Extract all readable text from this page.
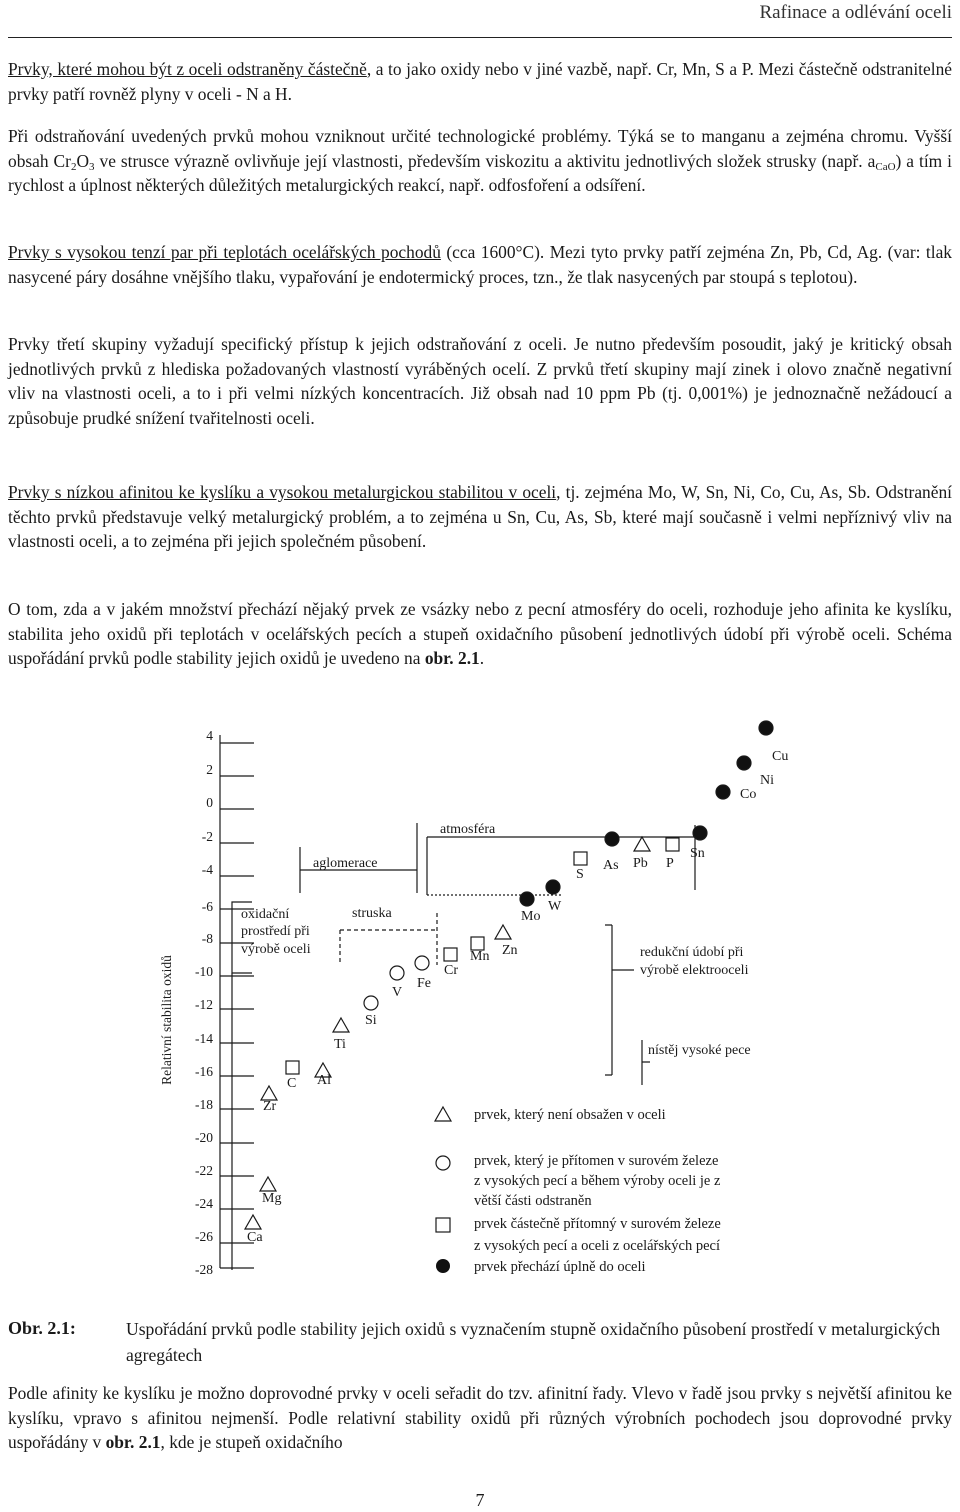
Rafinace a odlévání oceli

Prvky, které mohou být z oceli odstraněny částečně, a to jako oxidy nebo v jiné vazbě, např. Cr, Mn, S a P. Mezi částečně odstranitelné prvky patří rovněž plyny v oceli - N a H.

Při odstraňování uvedených prvků mohou vzniknout určité technologické problémy. Týká se to manganu a zejména chromu. Vyšší obsah $Cr_2O_3$ ve strusce výrazně ovlivňuje její vlastnosti, především viskozitu a aktivitu jednotlivých složek strusky (např. $a_{CaO}$) a tím i rychlost a úplnost některých důležitých metalurgických reakcí, např. odfosfoření a odsíření.

Prvky s vysokou tenzí par při teplotách ocelářských pochodů (cca 1600°C). Mezi tyto prvky patří zejména Zn, Pb, Cd, Ag. (var: tlak nasycené páry dosáhne vnějšího tlaku, vypařování je endotermický proces, tzn., že tlak nasycených par stoupá s teplotou).

Prvky třetí skupiny vyžadují specifický přístup k jejich odstraňování z oceli. Je nutno především posoudit, jaký je kritický obsah jednotlivých prvků z hlediska požadovaných vlastností vyráběných ocelí. Z prvků třetí skupiny mají zinek i olovo značně negativní vliv na vlastnosti oceli, a to i při velmi nízkých koncentracích. Již obsah nad 10 ppm Pb (tj. 0,001%) je jednoznačně nežádoucí a způsobuje prudké snížení tvařitelnosti oceli.

Prvky s nízkou afinitou ke kyslíku a vysokou metalurgickou stabilitou v oceli, tj. zejména Mo, W, Sn, Ni, Co, Cu, As, Sb. Odstranění těchto prvků představuje velký metalurgický problém, a to zejména u Sn, Cu, As, Sb, které mají současně i velmi nepříznivý vliv na vlastnosti oceli, a to zejména při jejich společném působení.

O tom, zda a v jakém množství přechází nějaký prvek ze vsázky nebo z pecní atmosféry do oceli, rozhoduje jeho afinita ke kyslíku, stabilita jeho oxidů při teplotách v ocelářských pecích a stupeň oxidačního působení jednotlivých údobí při výrobě oceli. Schéma uspořádání prvků podle stability jejich oxidů je uvedeno na obr. 2.1.

Relativní stabilita oxidů
4
2
0
-2
-4
-6
-8
-10
-12
-14
-16
-18
-20
-22
-24
-26
-28
oxidační
prostředí při
výrobě oceli
aglomerace
struska
atmosféra
redukční údobí při
výrobě elektrooceli
nístěj vysoké pece
Cu
Ni
Co
Sn
P
Pb
As
S
W
Mo
Zn
Mn
Cr
Fe
V
Si
Ti
Al
C
Zr
Mg
Ca
prvek, který není obsažen v oceli
prvek, který je přítomen v surovém železe
z vysokých pecí a během výroby oceli je z
větší části odstraněn
prvek částečně přítomný v surovém železe
z vysokých pecí a oceli z ocelářských pecí
prvek přechází úplně do oceli
Obr. 2.1:	Uspořádání prvků podle stability jejich oxidů s vyznačením stupně oxidačního působení prostředí v metalurgických agregátech

Podle afinity ke kyslíku je možno doprovodné prvky v oceli seřadit do tzv. afinitní řady. Vlevo v řadě jsou prvky s největší afinitou ke kyslíku, vpravo s afinitou nejmenší. Podle relativní stability oxidů při různých výrobních pochodech jsou doprovodné prvky uspořádány v obr. 2.1, kde je stupeň oxidačního

7
